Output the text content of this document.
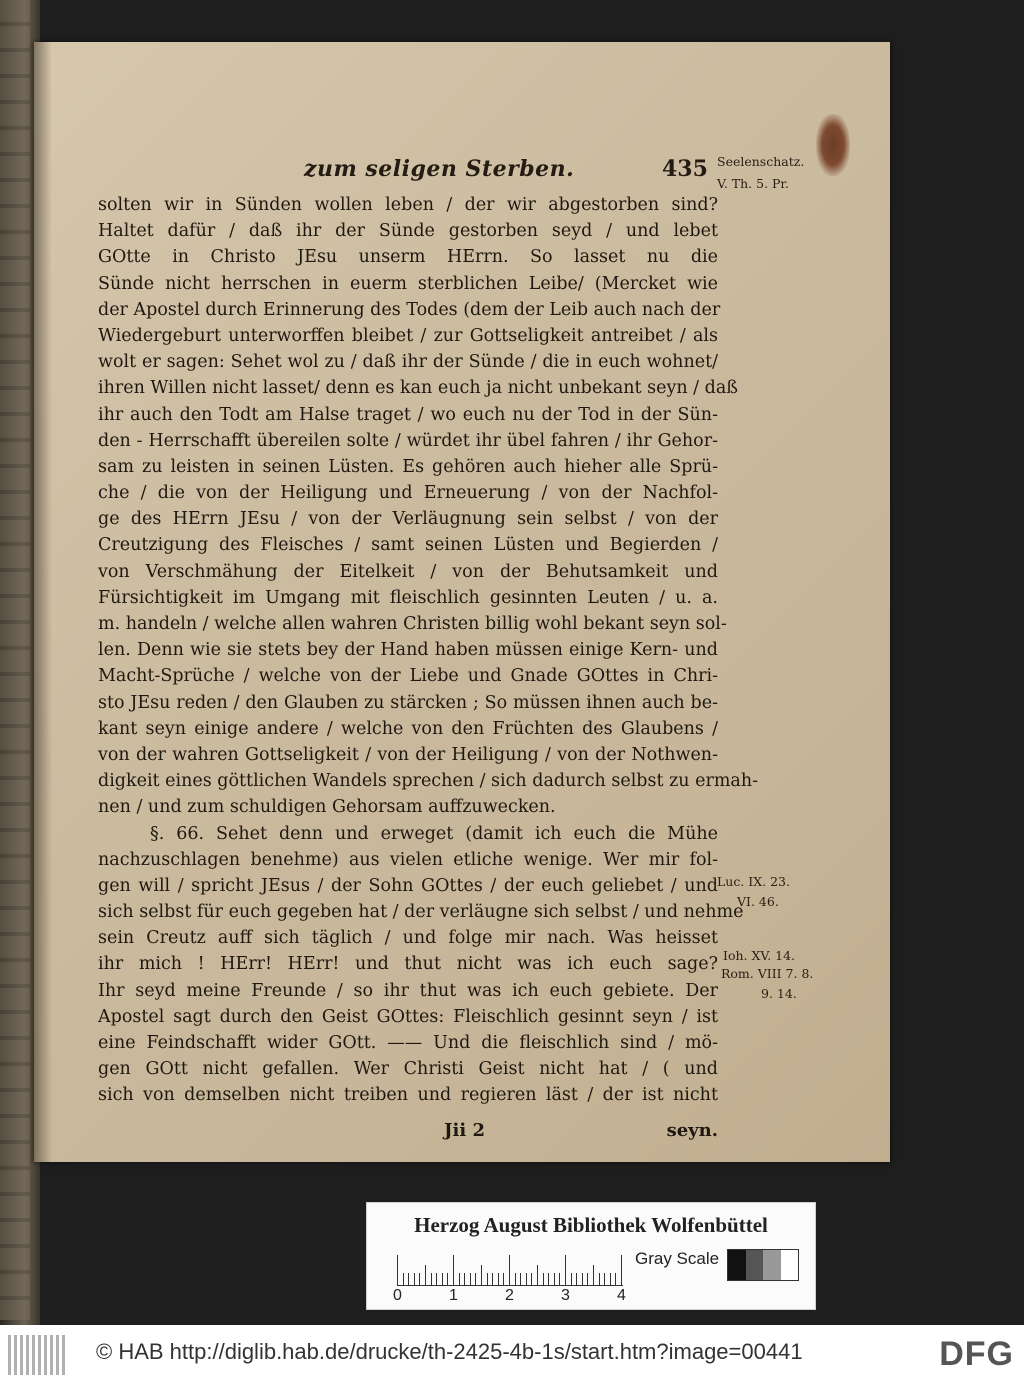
zum seligen Sterben.	435
solten wir in Sünden wollen leben / der wir abgestorben sind?
Haltet dafür / daß ihr der Sünde gestorben seyd / und lebet
GOtte in Christo JEsu unserm HErrn. So lasset nu die
Sünde nicht herrschen in euerm sterblichen Leibe/ (Mercket wie
der Apostel durch Erinnerung des Todes (dem der Leib auch nach der
Wiedergeburt unterworffen bleibet / zur Gottseligkeit antreibet / als
wolt er sagen: Sehet wol zu / daß ihr der Sünde / die in euch wohnet/
ihren Willen nicht lasset/ denn es kan euch ja nicht unbekant seyn / daß
ihr auch den Todt am Halse traget / wo euch nu der Tod in der Sün-
den - Herrschafft übereilen solte / würdet ihr übel fahren / ihr Gehor-
sam zu leisten in seinen Lüsten. Es gehören auch hieher alle Sprü-
che / die von der Heiligung und Erneuerung / von der Nachfol-
ge des HErrn JEsu / von der Verläugnung sein selbst / von der
Creutzigung des Fleisches / samt seinen Lüsten und Begierden /
von Verschmähung der Eitelkeit / von der Behutsamkeit und
Fürsichtigkeit im Umgang mit fleischlich gesinnten Leuten / u. a.
m. handeln / welche allen wahren Christen billig wohl bekant seyn sol-
len. Denn wie sie stets bey der Hand haben müssen einige Kern- und
Macht-Sprüche / welche von der Liebe und Gnade GOttes in Chri-
sto JEsu reden / den Glauben zu stärcken ; So müssen ihnen auch be-
kant seyn einige andere / welche von den Früchten des Glaubens /
von der wahren Gottseligkeit / von der Heiligung / von der Nothwen-
digkeit eines göttlichen Wandels sprechen / sich dadurch selbst zu ermah-
nen / und zum schuldigen Gehorsam auffzuwecken.
§. 66. Sehet denn und erweget (damit ich euch die Mühe
nachzuschlagen benehme) aus vielen etliche wenige. Wer mir fol-
gen will / spricht JEsus / der Sohn GOttes / der euch geliebet / und
sich selbst für euch gegeben hat / der verläugne sich selbst / und nehme
sein Creutz auff sich täglich / und folge mir nach. Was heisset
ihr mich ! HErr! HErr! und thut nicht was ich euch sage?
Ihr seyd meine Freunde / so ihr thut was ich euch gebiete. Der
Apostel sagt durch den Geist GOttes: Fleischlich gesinnt seyn / ist
eine Feindschafft wider GOtt. —— Und die fleischlich sind / mö-
gen GOtt nicht gefallen. Wer Christi Geist nicht hat / ( und
sich von demselben nicht treiben und regieren läst / der ist nicht
Jii 2	seyn.
Seelenschatz.
V. Th. 5. Pr.
Luc. IX. 23.
VI. 46.
Ioh. XV. 14.
Rom. VIII 7. 8.
9. 14.
Herzog August Bibliothek Wolfenbüttel
0	1	2	3	4
Gray Scale
© HAB http://diglib.hab.de/drucke/th-2425-4b-1s/start.htm?image=00441	DFG
